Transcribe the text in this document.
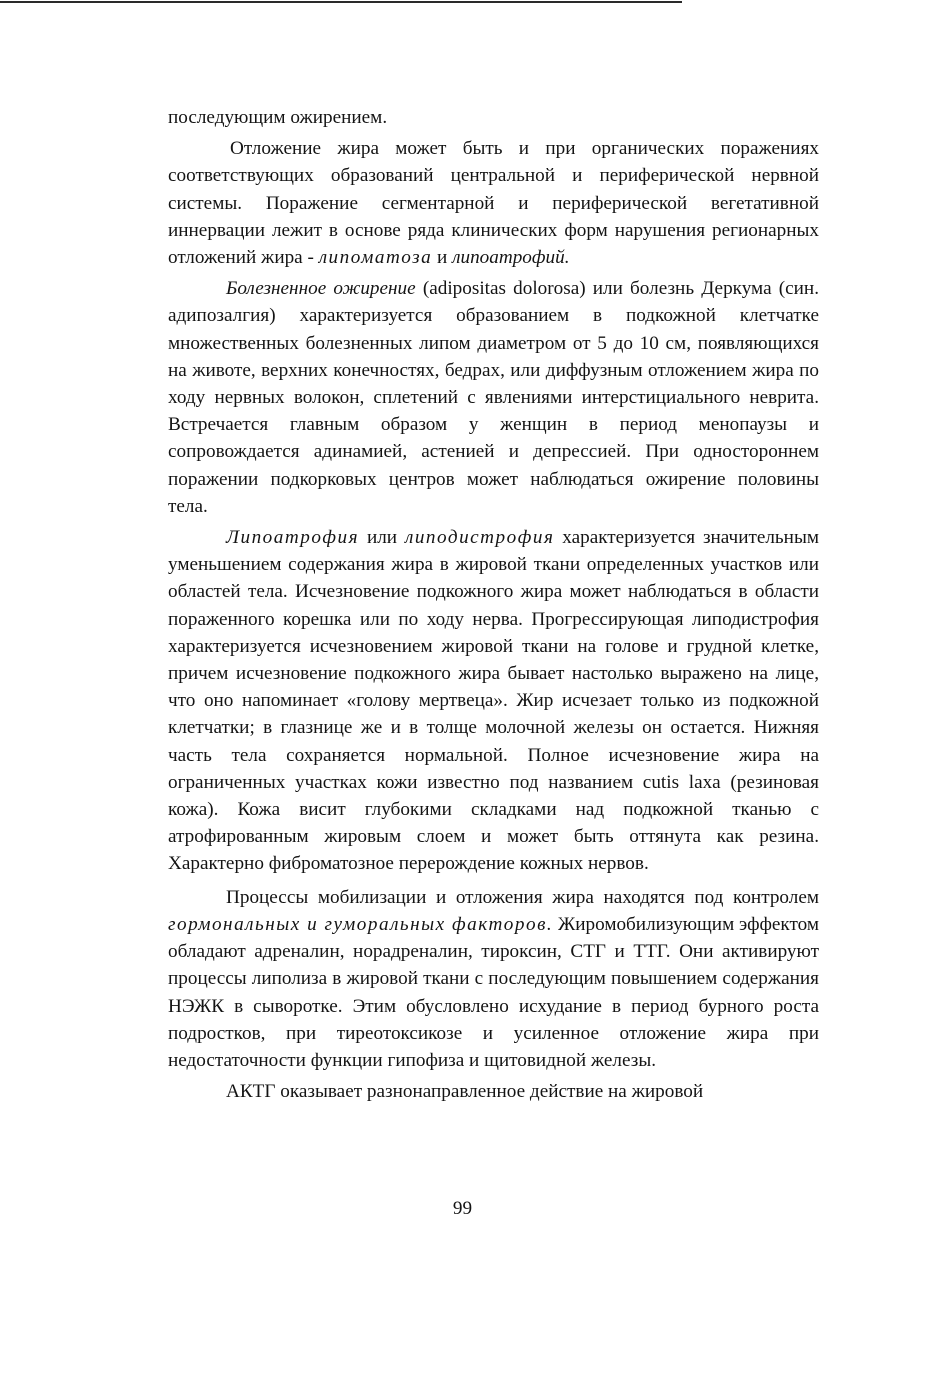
последующим ожирением.

Отложение жира может быть и при органических поражениях соответствующих образований центральной и периферической нервной системы. Поражение сегментарной и периферической вегетативной иннервации лежит в основе ряда клинических форм нарушения регионарных отложений жира - липоматоза и липоатрофий.

Болезненное ожирение (adipositas dolorosa) или болезнь Деркума (син. адипозалгия) характеризуется образованием в подкожной клетчатке множественных болезненных липом диаметром от 5 до 10 см, появляющихся на животе, верхних конечностях, бедрах, или диффузным отложением жира по ходу нервных волокон, сплетений с явлениями интерстициального неврита. Встречается главным образом у женщин в период менопаузы и сопровождается адинамией, астенией и депрессией. При одностороннем поражении подкорковых центров может наблюдаться ожирение половины тела.

Липоатрофия или липодистрофия характеризуется значительным уменьшением содержания жира в жировой ткани определенных участков или областей тела. Исчезновение подкожного жира может наблюдаться в области пораженного корешка или по ходу нерва. Прогрессирующая липодистрофия характеризуется исчезновением жировой ткани на голове и грудной клетке, причем исчезновение подкожного жира бывает настолько выражено на лице, что оно напоминает «голову мертвеца». Жир исчезает только из подкожной клетчатки; в глазнице же и в толще молочной железы он остается. Нижняя часть тела сохраняется нормальной. Полное исчезновение жира на ограниченных участках кожи известно под названием cutis laxa (резиновая кожа). Кожа висит глубокими складками над подкожной тканью с атрофированным жировым слоем и может быть оттянута как резина. Характерно фиброматозное перерождение кожных нервов.

Процессы мобилизации и отложения жира находятся под контролем гормональных и гуморальных факторов. Жиромобилизующим эффектом обладают адреналин, норадреналин, тироксин, СТГ и ТТГ. Они активируют процессы липолиза в жировой ткани с последующим повышением содержания НЭЖК в сыворотке. Этим обусловлено исхудание в период бурного роста подростков, при тиреотоксикозе и усиленное отложение жира при недостаточности функции гипофиза и щитовидной железы.

АКТГ оказывает разнонаправленное действие на жировой

99
